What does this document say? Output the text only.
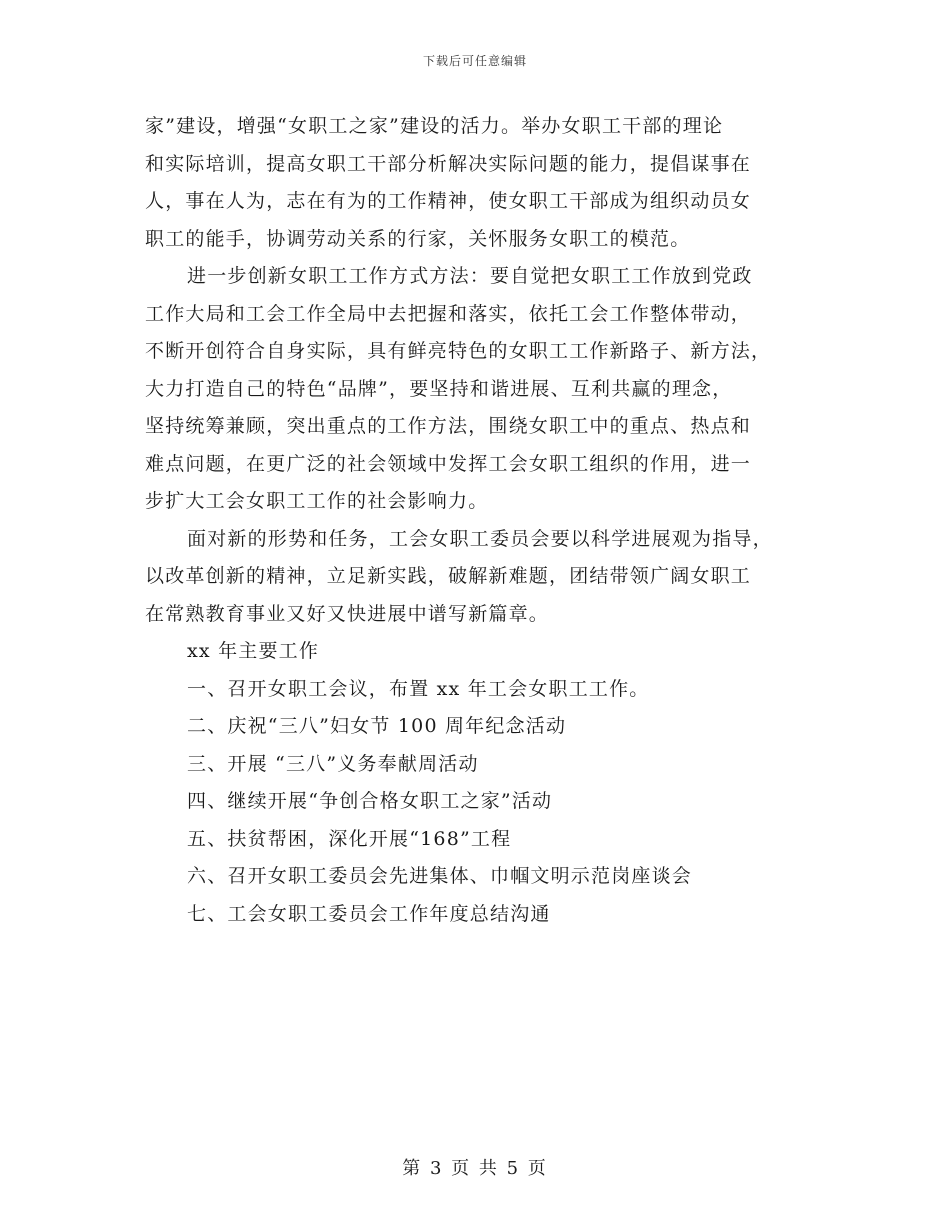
下载后可任意编辑
家”建设，增强“女职工之家”建设的活力。举办女职工干部的理论
和实际培训，提高女职工干部分析解决实际问题的能力，提倡谋事在
人，事在人为，志在有为的工作精神，使女职工干部成为组织动员女
职工的能手，协调劳动关系的行家，关怀服务女职工的模范。
进一步创新女职工工作方式方法：要自觉把女职工工作放到党政
工作大局和工会工作全局中去把握和落实，依托工会工作整体带动，
不断开创符合自身实际，具有鲜亮特色的女职工工作新路子、新方法，
大力打造自己的特色“品牌”，要坚持和谐进展、互利共赢的理念，
坚持统筹兼顾，突出重点的工作方法，围绕女职工中的重点、热点和
难点问题，在更广泛的社会领域中发挥工会女职工组织的作用，进一
步扩大工会女职工工作的社会影响力。
面对新的形势和任务，工会女职工委员会要以科学进展观为指导，
以改革创新的精神，立足新实践，破解新难题，团结带领广阔女职工
在常熟教育事业又好又快进展中谱写新篇章。
xx 年主要工作
一、召开女职工会议，布置 xx 年工会女职工工作。
二、庆祝“三八”妇女节 100 周年纪念活动
三、开展 “三八”义务奉献周活动
四、继续开展“争创合格女职工之家”活动
五、扶贫帮困，深化开展“168”工程
六、召开女职工委员会先进集体、巾帼文明示范岗座谈会
七、工会女职工委员会工作年度总结沟通
第 3 页 共 5 页
